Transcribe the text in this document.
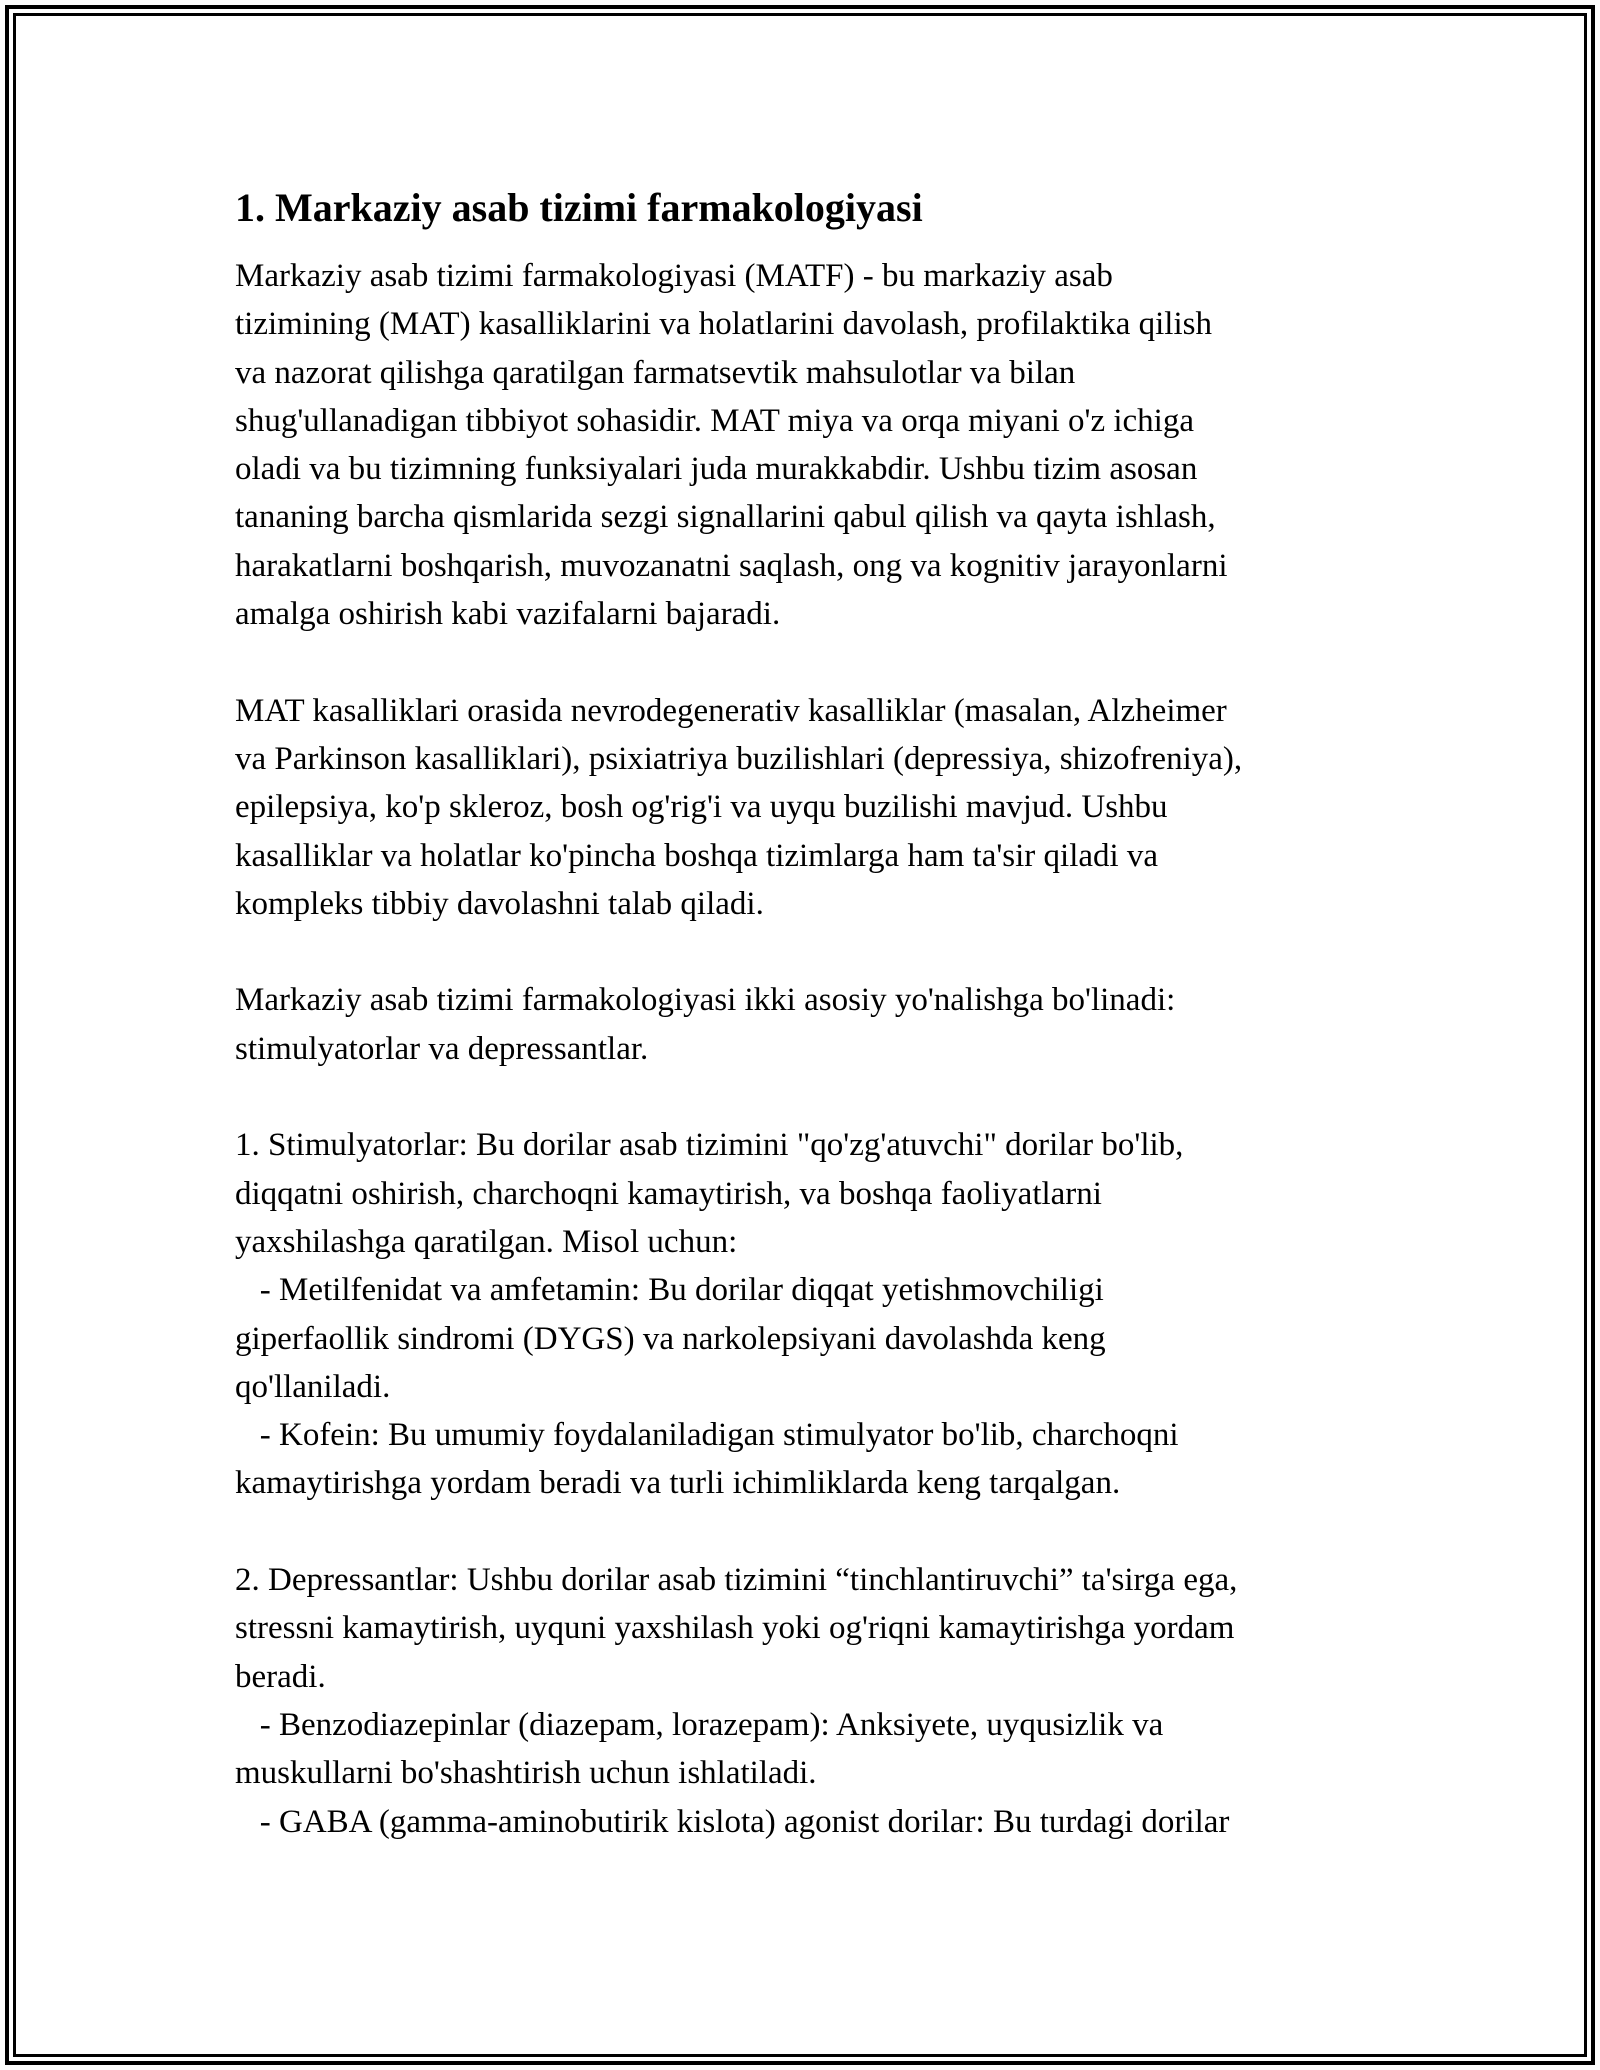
1. Markaziy asab tizimi farmakologiyasi

Markaziy asab tizimi farmakologiyasi (MATF) - bu markaziy asab
tizimining (MAT) kasalliklarini va holatlarini davolash, profilaktika qilish
va nazorat qilishga qaratilgan farmatsevtik mahsulotlar va bilan
shug'ullanadigan tibbiyot sohasidir. MAT miya va orqa miyani o'z ichiga
oladi va bu tizimning funksiyalari juda murakkabdir. Ushbu tizim asosan
tananing barcha qismlarida sezgi signallarini qabul qilish va qayta ishlash,
harakatlarni boshqarish, muvozanatni saqlash, ong va kognitiv jarayonlarni
amalga oshirish kabi vazifalarni bajaradi.

MAT kasalliklari orasida nevrodegenerativ kasalliklar (masalan, Alzheimer
va Parkinson kasalliklari), psixiatriya buzilishlari (depressiya, shizofreniya),
epilepsiya, ko'p skleroz, bosh og'rig'i va uyqu buzilishi mavjud. Ushbu
kasalliklar va holatlar ko'pincha boshqa tizimlarga ham ta'sir qiladi va
kompleks tibbiy davolashni talab qiladi.

Markaziy asab tizimi farmakologiyasi ikki asosiy yo'nalishga bo'linadi:
stimulyatorlar va depressantlar.

1. Stimulyatorlar: Bu dorilar asab tizimini "qo'zg'atuvchi" dorilar bo'lib,
diqqatni oshirish, charchoqni kamaytirish, va boshqa faoliyatlarni
yaxshilashga qaratilgan. Misol uchun:
- Metilfenidat va amfetamin: Bu dorilar diqqat yetishmovchiligi
giperfaollik sindromi (DYGS) va narkolepsiyani davolashda keng
qo'llaniladi.
- Kofein: Bu umumiy foydalaniladigan stimulyator bo'lib, charchoqni
kamaytirishga yordam beradi va turli ichimliklarda keng tarqalgan.

2. Depressantlar: Ushbu dorilar asab tizimini “tinchlantiruvchi” ta'sirga ega,
stressni kamaytirish, uyquni yaxshilash yoki og'riqni kamaytirishga yordam
beradi.
- Benzodiazepinlar (diazepam, lorazepam): Anksiyete, uyqusizlik va
muskullarni bo'shashtirish uchun ishlatiladi.
- GABA (gamma-aminobutirik kislota) agonist dorilar: Bu turdagi dorilar
